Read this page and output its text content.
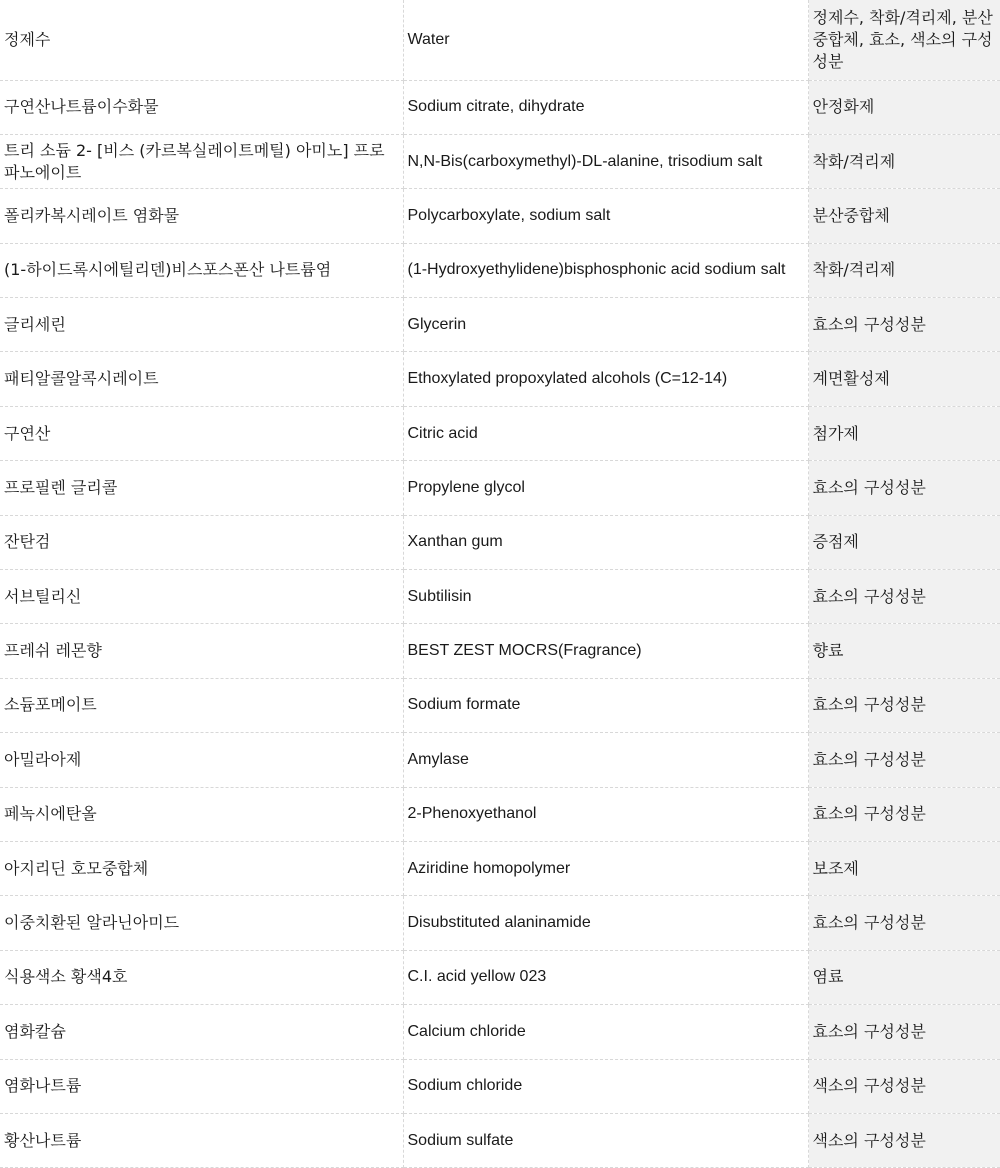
정제수	Water	정제수, 착화/격리제, 분산중합체, 효소, 색소의 구성성분
구연산나트륨이수화물	Sodium citrate, dihydrate	안정화제
트리 소듐 2- [비스 (카르복실레이트메틸) 아미노] 프로 파노에이트	N,N-Bis(carboxymethyl)-DL-alanine, trisodium salt	착화/격리제
폴리카복시레이트 염화물	Polycarboxylate, sodium salt	분산중합체
(1-하이드록시에틸리덴)비스포스폰산 나트륨염	(1-Hydroxyethylidene)bisphosphonic acid sodium salt	착화/격리제
글리세린	Glycerin	효소의 구성성분
패티알콜알콕시레이트	Ethoxylated propoxylated alcohols (C=12-14)	계면활성제
구연산	Citric acid	첨가제
프로필렌 글리콜	Propylene glycol	효소의 구성성분
잔탄검	Xanthan gum	증점제
서브틸리신	Subtilisin	효소의 구성성분
프레쉬 레몬향	BEST ZEST MOCRS(Fragrance)	향료
소듐포메이트	Sodium formate	효소의 구성성분
아밀라아제	Amylase	효소의 구성성분
페녹시에탄올	2-Phenoxyethanol	효소의 구성성분
아지리딘 호모중합체	Aziridine homopolymer	보조제
이중치환된 알라닌아미드	Disubstituted alaninamide	효소의 구성성분
식용색소 황색4호	C.I. acid yellow 023	염료
염화칼슘	Calcium chloride	효소의 구성성분
염화나트륨	Sodium chloride	색소의 구성성분
황산나트륨	Sodium sulfate	색소의 구성성분
